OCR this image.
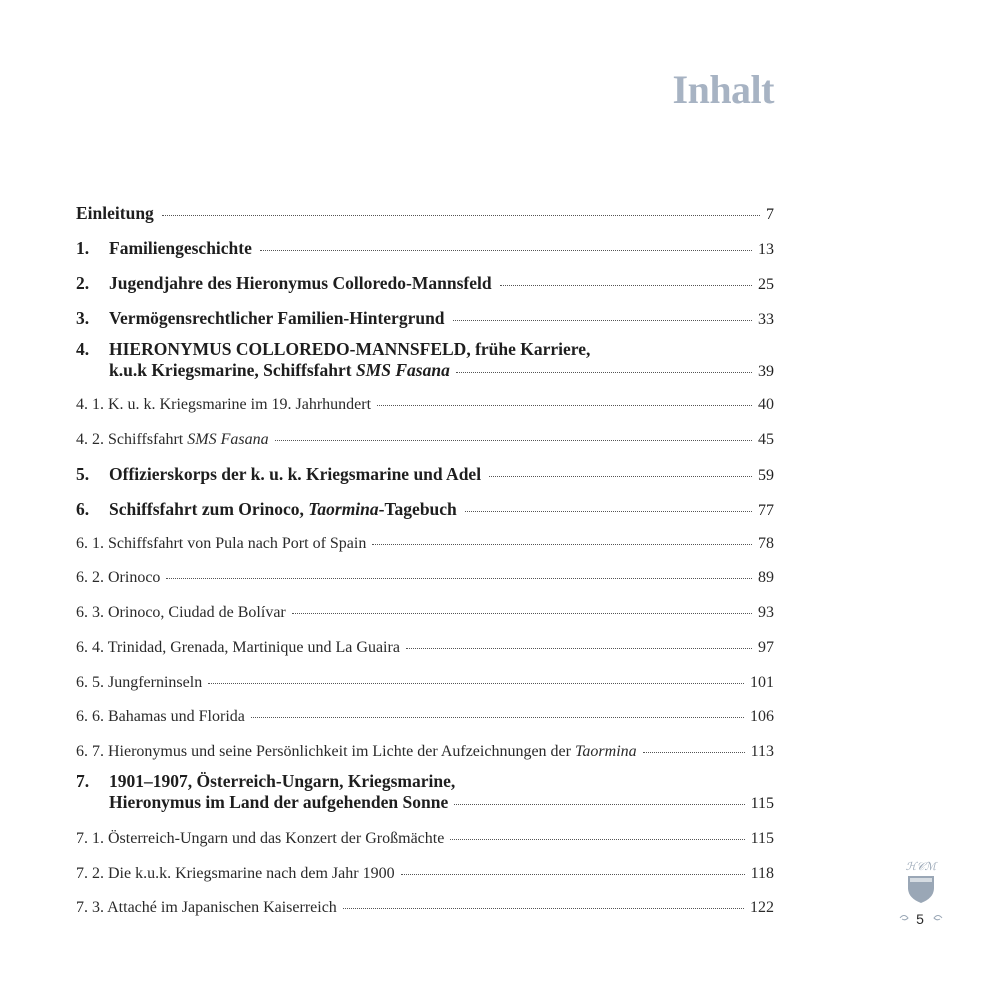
Inhalt
Einleitung	7
1.	Familiengeschichte	13
2.	Jugendjahre des Hieronymus Colloredo-Mannsfeld	25
3.	Vermögensrechtlicher Familien-Hintergrund	33
4.	HIERONYMUS COLLOREDO-MANNSFELD, frühe Karriere,
k.u.k Kriegsmarine, Schiffsfahrt SMS Fasana	39
4. 1. K. u. k. Kriegsmarine im 19. Jahrhundert	40
4. 2. Schiffsfahrt SMS Fasana	45
5.	Offizierskorps der k. u. k. Kriegsmarine und Adel	59
6.	Schiffsfahrt zum Orinoco, Taormina-Tagebuch	77
6. 1. Schiffsfahrt von Pula nach Port of Spain	78
6. 2. Orinoco	89
6. 3. Orinoco, Ciudad de Bolívar	93
6. 4. Trinidad, Grenada, Martinique und La Guaira	97
6. 5. Jungferninseln	101
6. 6. Bahamas und Florida	106
6. 7. Hieronymus und seine Persönlichkeit im Lichte der Aufzeichnungen der Taormina	113
7.	1901–1907, Österreich-Ungarn, Kriegsmarine,
Hieronymus im Land der aufgehenden Sonne	115
7. 1. Österreich-Ungarn und das Konzert der Großmächte	115
7. 2. Die k.u.k. Kriegsmarine nach dem Jahr 1900	118
7. 3. Attaché im Japanischen Kaiserreich	122
ℋ𝒞ℳ
5
